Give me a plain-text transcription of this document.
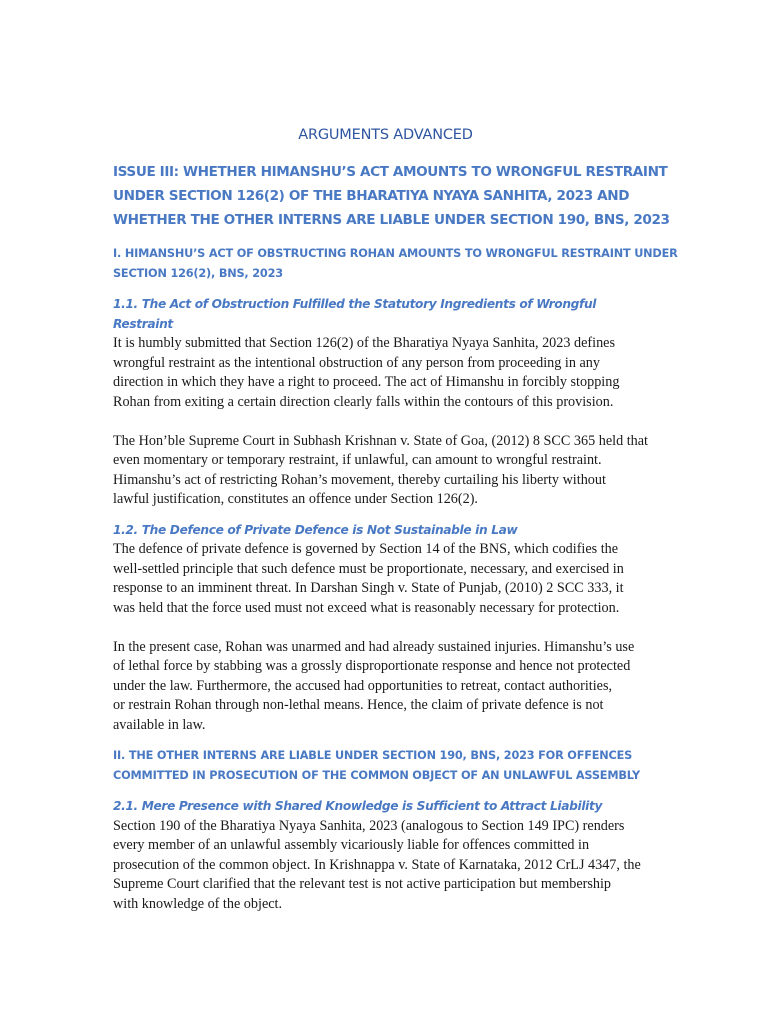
ARGUMENTS ADVANCED
ISSUE III: WHETHER HIMANSHU’S ACT AMOUNTS TO WRONGFUL RESTRAINT
UNDER SECTION 126(2) OF THE BHARATIYA NYAYA SANHITA, 2023 AND
WHETHER THE OTHER INTERNS ARE LIABLE UNDER SECTION 190, BNS, 2023
I. HIMANSHU’S ACT OF OBSTRUCTING ROHAN AMOUNTS TO WRONGFUL RESTRAINT UNDER
SECTION 126(2), BNS, 2023
1.1. The Act of Obstruction Fulfilled the Statutory Ingredients of Wrongful Restraint

It is humbly submitted that Section 126(2) of the Bharatiya Nyaya Sanhita, 2023 defines
wrongful restraint as the intentional obstruction of any person from proceeding in any
direction in which they have a right to proceed. The act of Himanshu in forcibly stopping
Rohan from exiting a certain direction clearly falls within the contours of this provision.

The Hon’ble Supreme Court in Subhash Krishnan v. State of Goa, (2012) 8 SCC 365 held that
even momentary or temporary restraint, if unlawful, can amount to wrongful restraint.
Himanshu’s act of restricting Rohan’s movement, thereby curtailing his liberty without
lawful justification, constitutes an offence under Section 126(2).

1.2. The Defence of Private Defence is Not Sustainable in Law

The defence of private defence is governed by Section 14 of the BNS, which codifies the
well-settled principle that such defence must be proportionate, necessary, and exercised in
response to an imminent threat. In Darshan Singh v. State of Punjab, (2010) 2 SCC 333, it
was held that the force used must not exceed what is reasonably necessary for protection.

In the present case, Rohan was unarmed and had already sustained injuries. Himanshu’s use
of lethal force by stabbing was a grossly disproportionate response and hence not protected
under the law. Furthermore, the accused had opportunities to retreat, contact authorities,
or restrain Rohan through non-lethal means. Hence, the claim of private defence is not
available in law.

II. THE OTHER INTERNS ARE LIABLE UNDER SECTION 190, BNS, 2023 FOR OFFENCES
COMMITTED IN PROSECUTION OF THE COMMON OBJECT OF AN UNLAWFUL ASSEMBLY
2.1. Mere Presence with Shared Knowledge is Sufficient to Attract Liability

Section 190 of the Bharatiya Nyaya Sanhita, 2023 (analogous to Section 149 IPC) renders
every member of an unlawful assembly vicariously liable for offences committed in
prosecution of the common object. In Krishnappa v. State of Karnataka, 2012 CrLJ 4347, the
Supreme Court clarified that the relevant test is not active participation but membership
with knowledge of the object.
